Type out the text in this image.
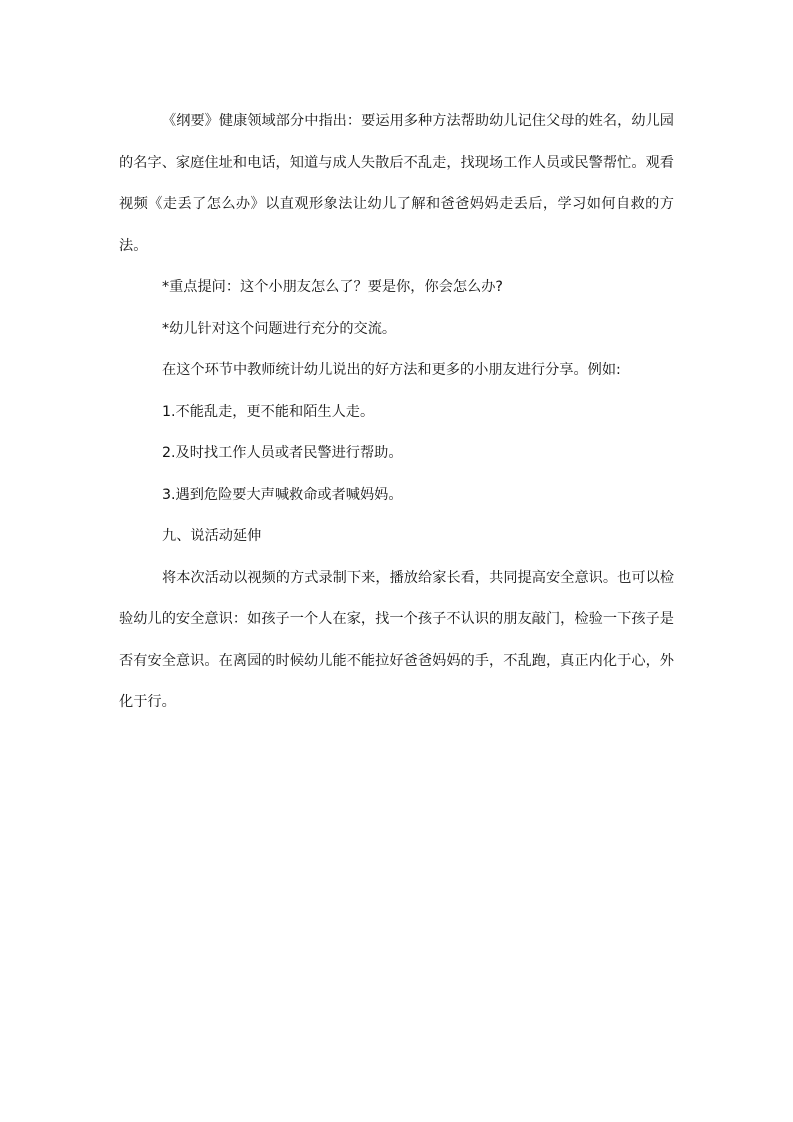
《纲要》健康领域部分中指出：要运用多种方法帮助幼儿记住父母的姓名，幼儿园的名字、家庭住址和电话，知道与成人失散后不乱走，找现场工作人员或民警帮忙。观看视频《走丢了怎么办》以直观形象法让幼儿了解和爸爸妈妈走丢后，学习如何自救的方法。

*重点提问：这个小朋友怎么了？要是你，你会怎么办?

*幼儿针对这个问题进行充分的交流。

在这个环节中教师统计幼儿说出的好方法和更多的小朋友进行分享。例如:

1.不能乱走，更不能和陌生人走。

2.及时找工作人员或者民警进行帮助。

3.遇到危险要大声喊救命或者喊妈妈。

九、说活动延伸

将本次活动以视频的方式录制下来，播放给家长看，共同提高安全意识。也可以检验幼儿的安全意识：如孩子一个人在家，找一个孩子不认识的朋友敲门，检验一下孩子是否有安全意识。在离园的时候幼儿能不能拉好爸爸妈妈的手，不乱跑，真正内化于心，外化于行。
